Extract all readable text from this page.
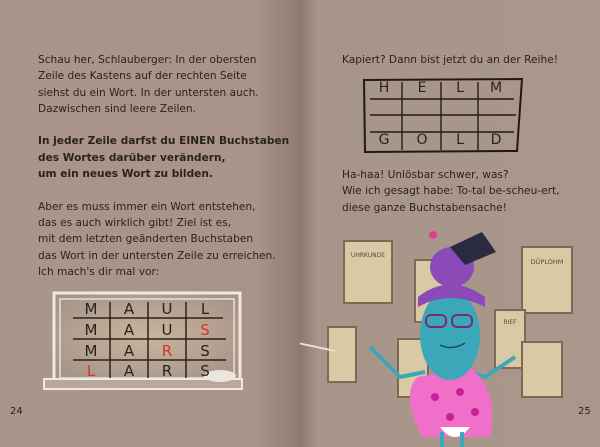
Schau her, Schlauberger: In der obersten
Zeile des Kastens auf der rechten Seite
siehst du ein Wort. In der untersten auch.
Dazwischen sind leere Zeilen.
In jeder Zeile darfst du EINEN Buchstaben
des Wortes darüber verändern,
um ein neues Wort zu bilden.
Aber es muss immer ein Wort entstehen,
das es auch wirklich gibt! Ziel ist es,
mit dem letzten geänderten Buchstaben
das Wort in der untersten Zeile zu erreichen.
Ich mach's dir mal vor:
M	A	U	L
M	A	U	S
M	A	R	S
L	A	R	S
24
Kapiert? Dann bist jetzt du an der Reihe!
H	E	L	M
G	O	L	D
Ha-haa! Unlösbar schwer, was?
Wie ich gesagt habe: To-tal be-scheu-ert,
diese ganze Buchstabensache!
UHRKUNDE
DÜPLOHM
RIEF
25
